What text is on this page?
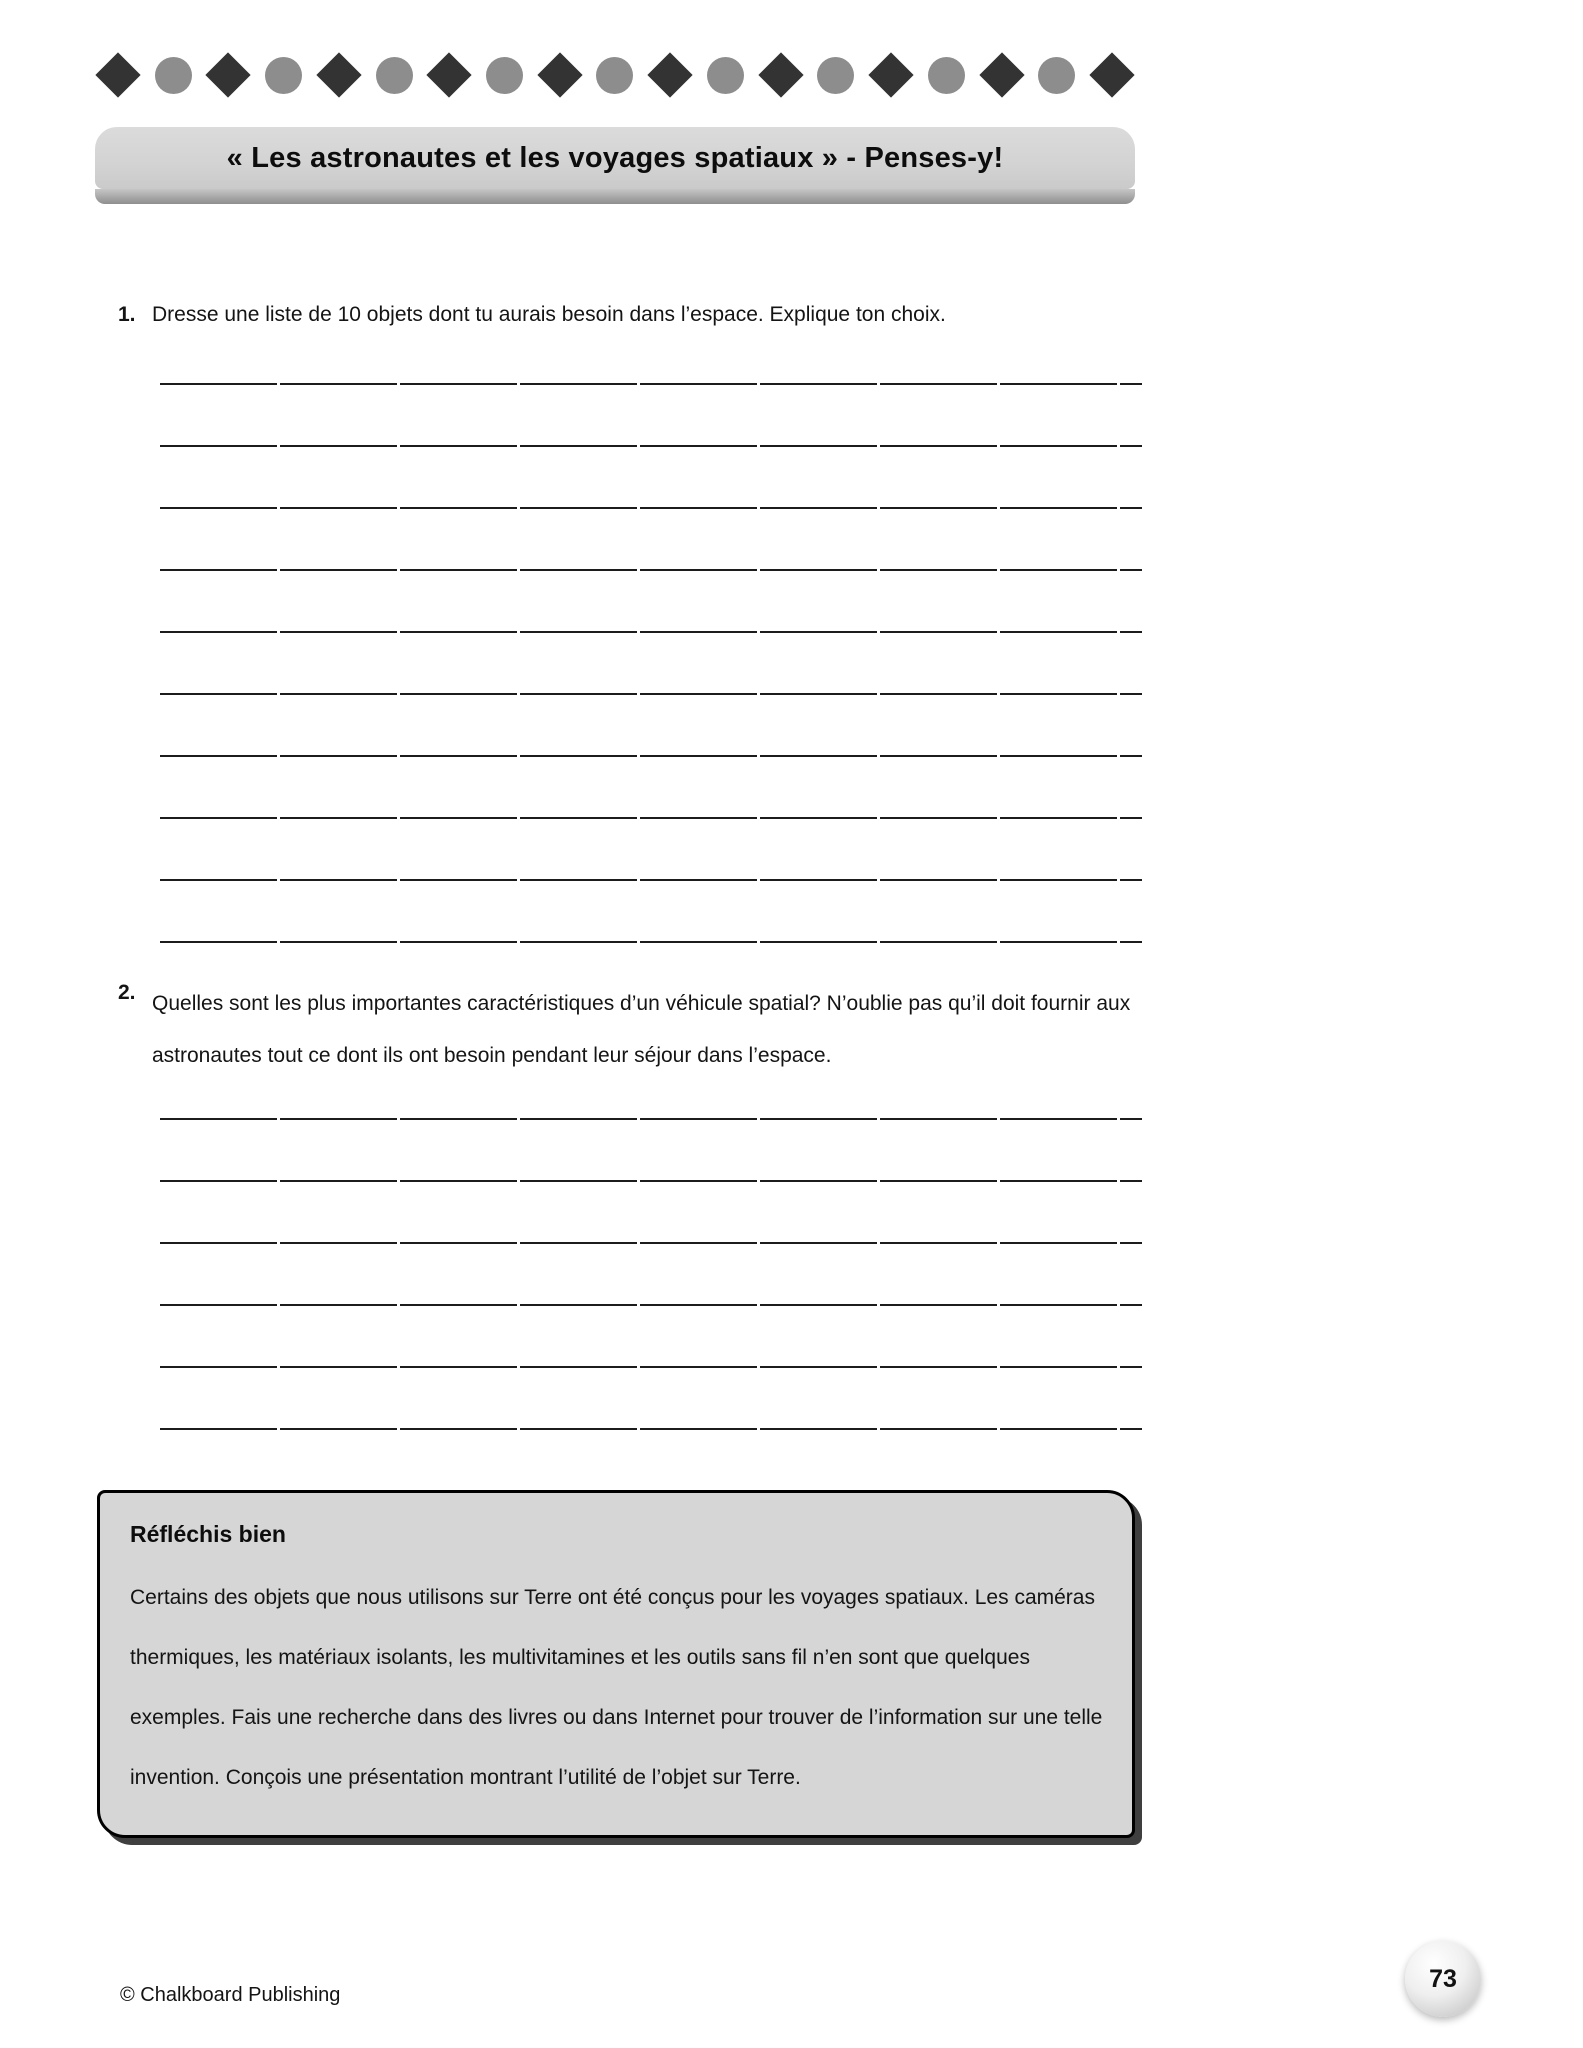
« Les astronautes et les voyages spatiaux » - Penses-y!
1. Dresse une liste de 10 objets dont tu aurais besoin dans l’espace. Explique ton choix.
2. Quelles sont les plus importantes caractéristiques d’un véhicule spatial? N’oublie pas qu’il doit fournir aux
astronautes tout ce dont ils ont besoin pendant leur séjour dans l’espace.
Réfléchis bien
Certains des objets que nous utilisons sur Terre ont été conçus pour les voyages spatiaux. Les caméras
thermiques, les matériaux isolants, les multivitamines et les outils sans fil n’en sont que quelques
exemples. Fais une recherche dans des livres ou dans Internet pour trouver de l’information sur une telle
invention. Conçois une présentation montrant l’utilité de l’objet sur Terre.
© Chalkboard Publishing
73
